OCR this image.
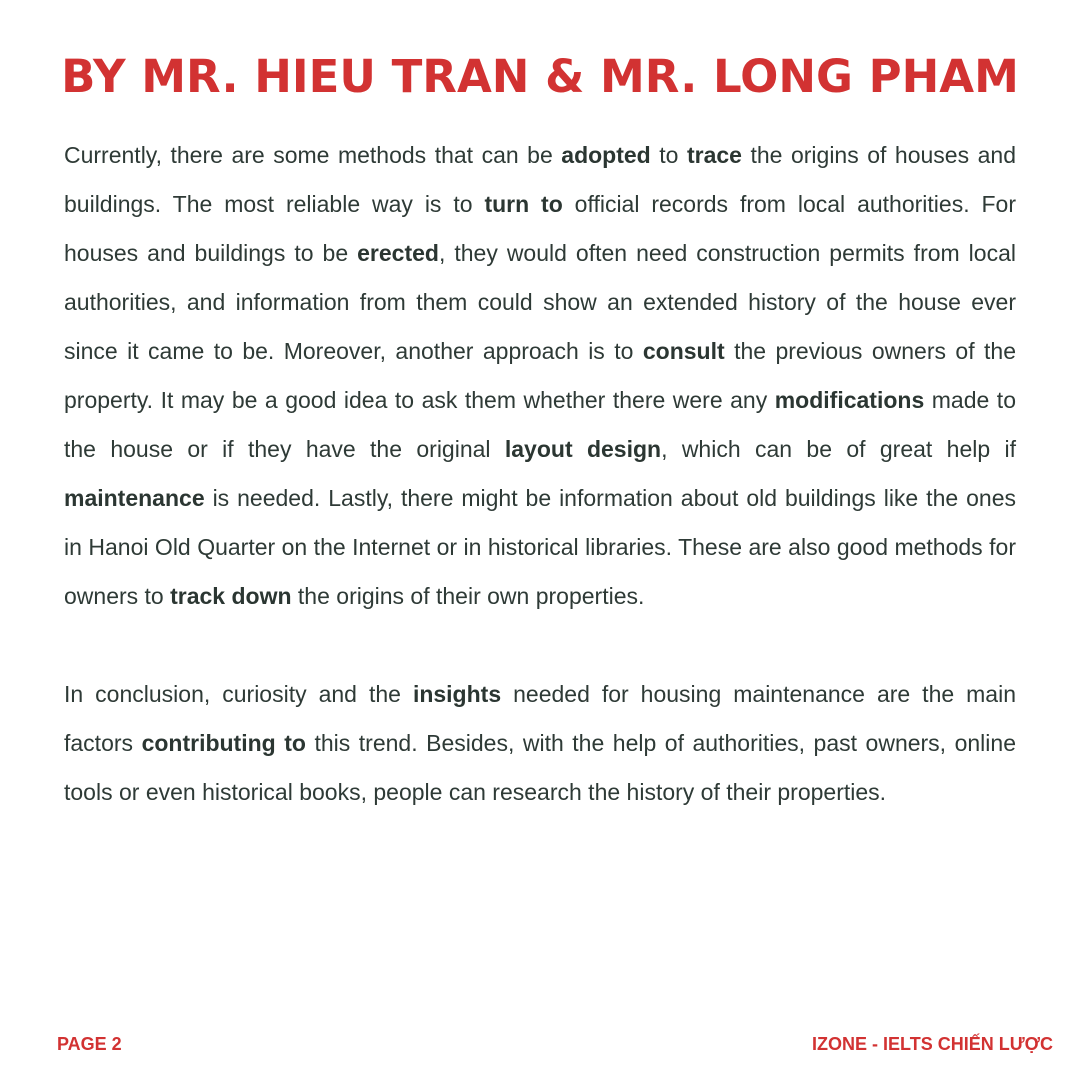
BY MR. HIEU TRAN & MR. LONG PHAM

Currently, there are some methods that can be adopted to trace the origins of houses and buildings. The most reliable way is to turn to official records from local authorities. For houses and buildings to be erected, they would often need construction permits from local authorities, and information from them could show an extended history of the house ever since it came to be. Moreover, another approach is to consult the previous owners of the property. It may be a good idea to ask them whether there were any modifications made to the house or if they have the original layout design, which can be of great help if maintenance is needed. Lastly, there might be information about old buildings like the ones in Hanoi Old Quarter on the Internet or in historical libraries. These are also good methods for owners to track down the origins of their own properties.

In conclusion, curiosity and the insights needed for housing maintenance are the main factors contributing to this trend. Besides, with the help of authorities, past owners, online tools or even historical books, people can research the history of their properties.

PAGE 2	IZONE - IELTS CHIẾN LƯỢC
